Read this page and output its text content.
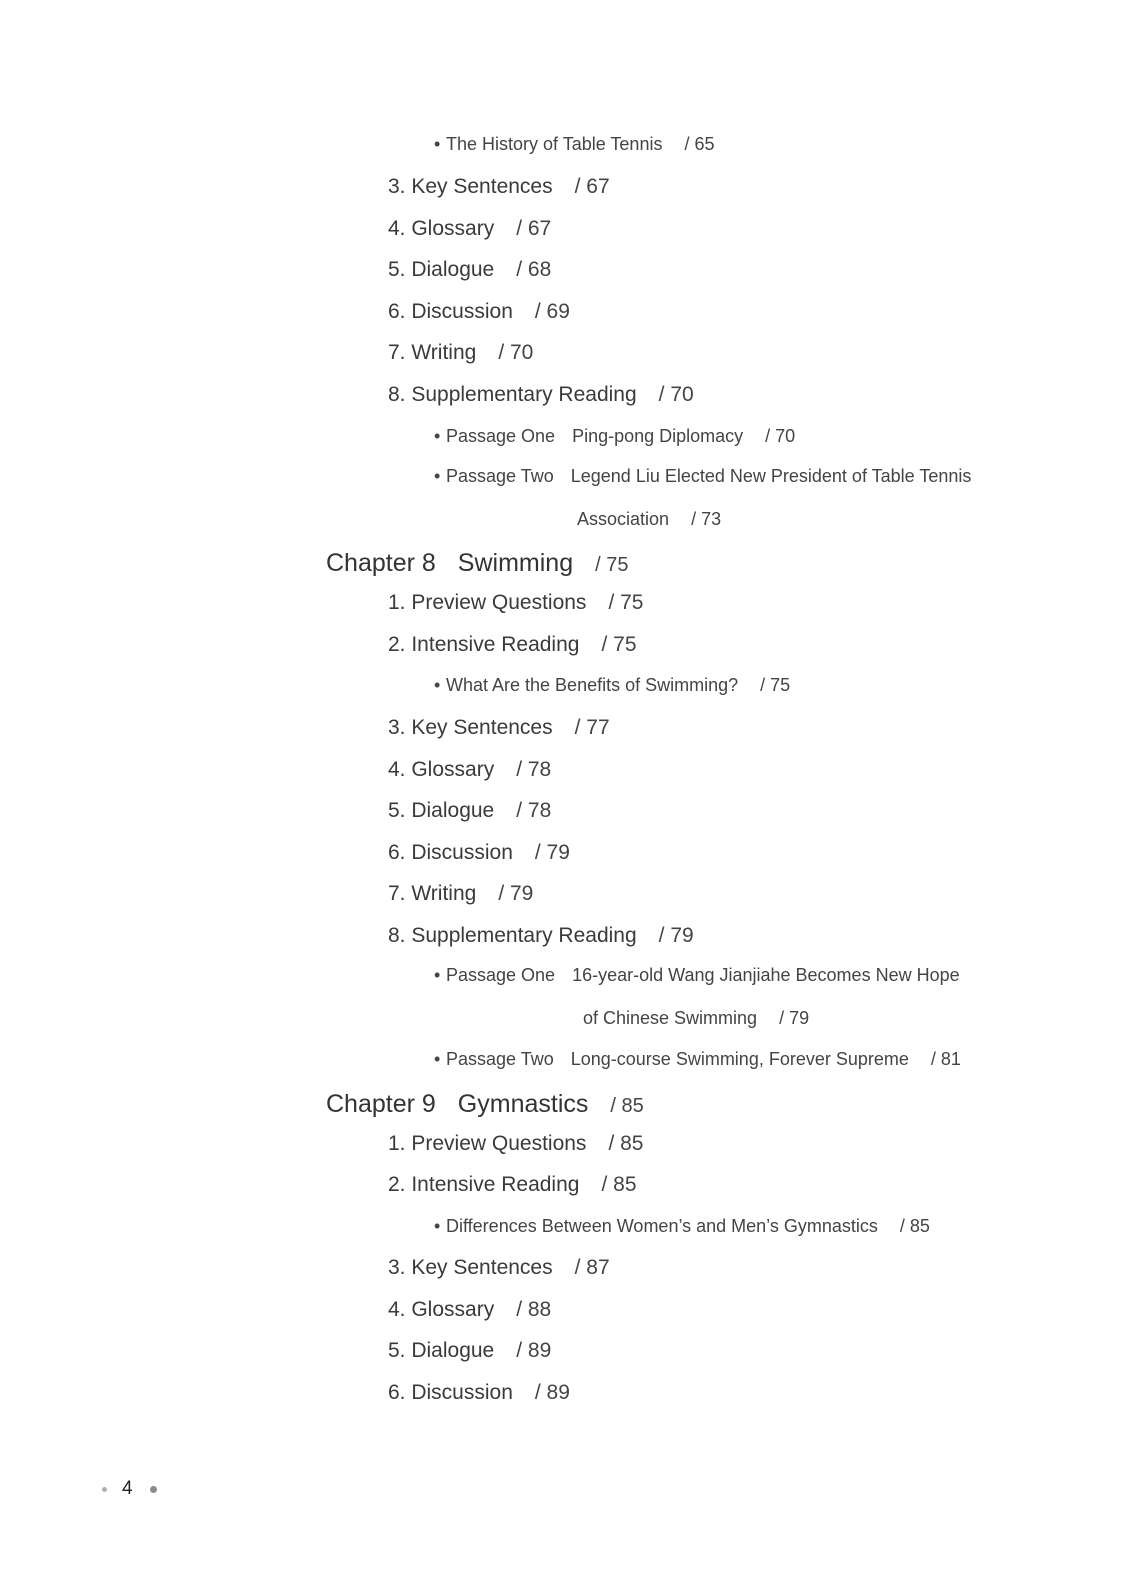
• The History of Table Tennis / 65
3. Key Sentences / 67
4. Glossary / 67
5. Dialogue / 68
6. Discussion / 69
7. Writing / 70
8. Supplementary Reading / 70
• Passage One Ping-pong Diplomacy / 70
• Passage Two Legend Liu Elected New President of Table Tennis
Association / 73
Chapter 8 Swimming / 75
1. Preview Questions / 75
2. Intensive Reading / 75
• What Are the Benefits of Swimming? / 75
3. Key Sentences / 77
4. Glossary / 78
5. Dialogue / 78
6. Discussion / 79
7. Writing / 79
8. Supplementary Reading / 79
• Passage One 16-year-old Wang Jianjiahe Becomes New Hope
of Chinese Swimming / 79
• Passage Two Long-course Swimming, Forever Supreme / 81
Chapter 9 Gymnastics / 85
1. Preview Questions / 85
2. Intensive Reading / 85
• Differences Between Women’s and Men’s Gymnastics / 85
3. Key Sentences / 87
4. Glossary / 88
5. Dialogue / 89
6. Discussion / 89
4
